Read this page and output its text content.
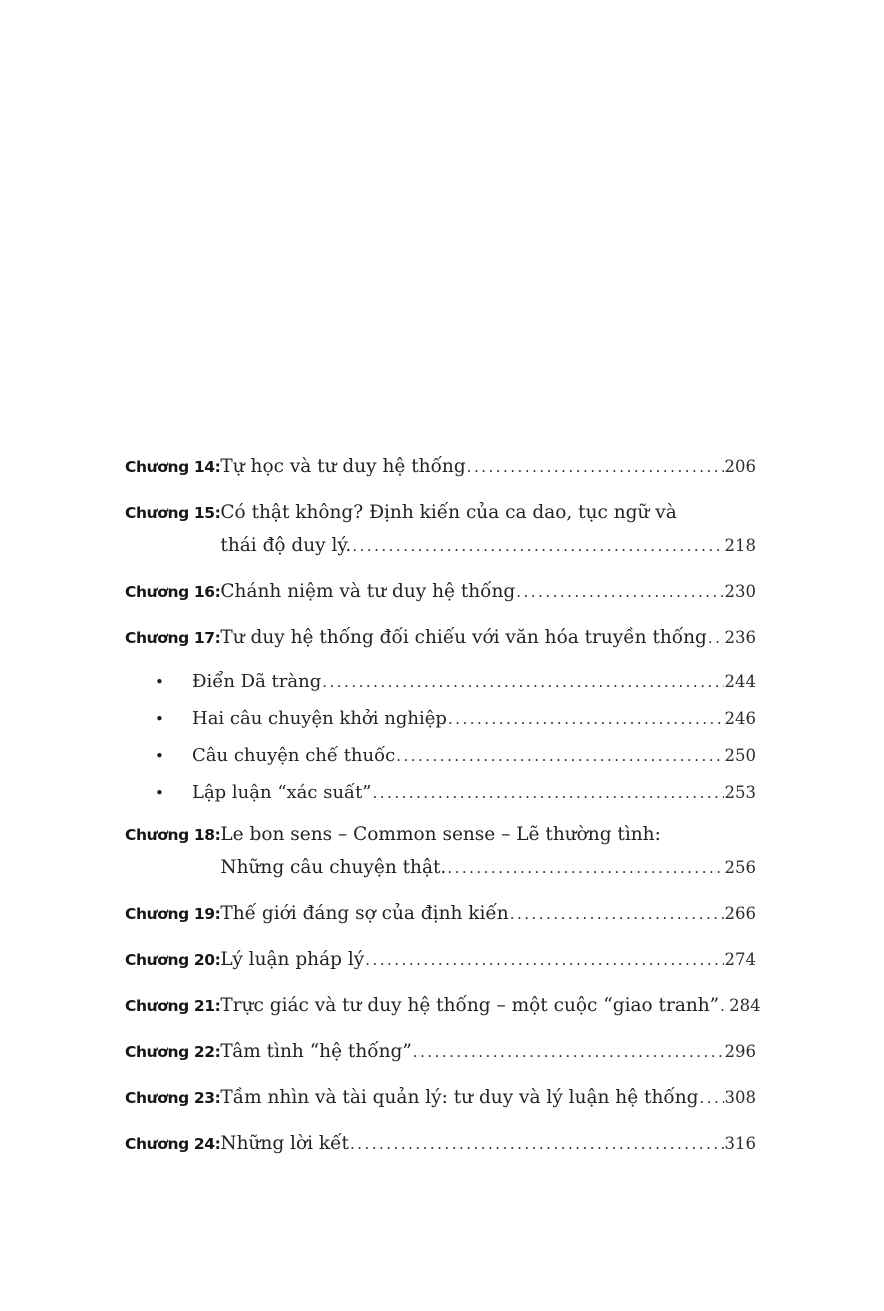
Chương 14: Tự học và tư duy hệ thống .....	206
Chương 15: Có thật không? Định kiến của ca dao, tục ngữ và
thái độ duy lý. .....	218
Chương 16: Chánh niệm và tư duy hệ thống .....	230
Chương 17: Tư duy hệ thống đối chiếu với văn hóa truyền thống ..... 236
•	Điển Dã tràng .....	244
•	Hai câu chuyện khởi nghiệp .....	246
•	Câu chuyện chế thuốc .....	250
•	Lập luận “xác suất” .....	253
Chương 18: Le bon sens – Common sense – Lẽ thường tình:
Những câu chuyện thật. .....	256
Chương 19: Thế giới đáng sợ của định kiến .....	266
Chương 20: Lý luận pháp lý .....	274
Chương 21: Trực giác và tư duy hệ thống – một cuộc “giao tranh” ..... 284
Chương 22: Tâm tình “hệ thống” .....	296
Chương 23: Tầm nhìn và tài quản lý: tư duy và lý luận hệ thống ..... 308
Chương 24: Những lời kết .....	316
